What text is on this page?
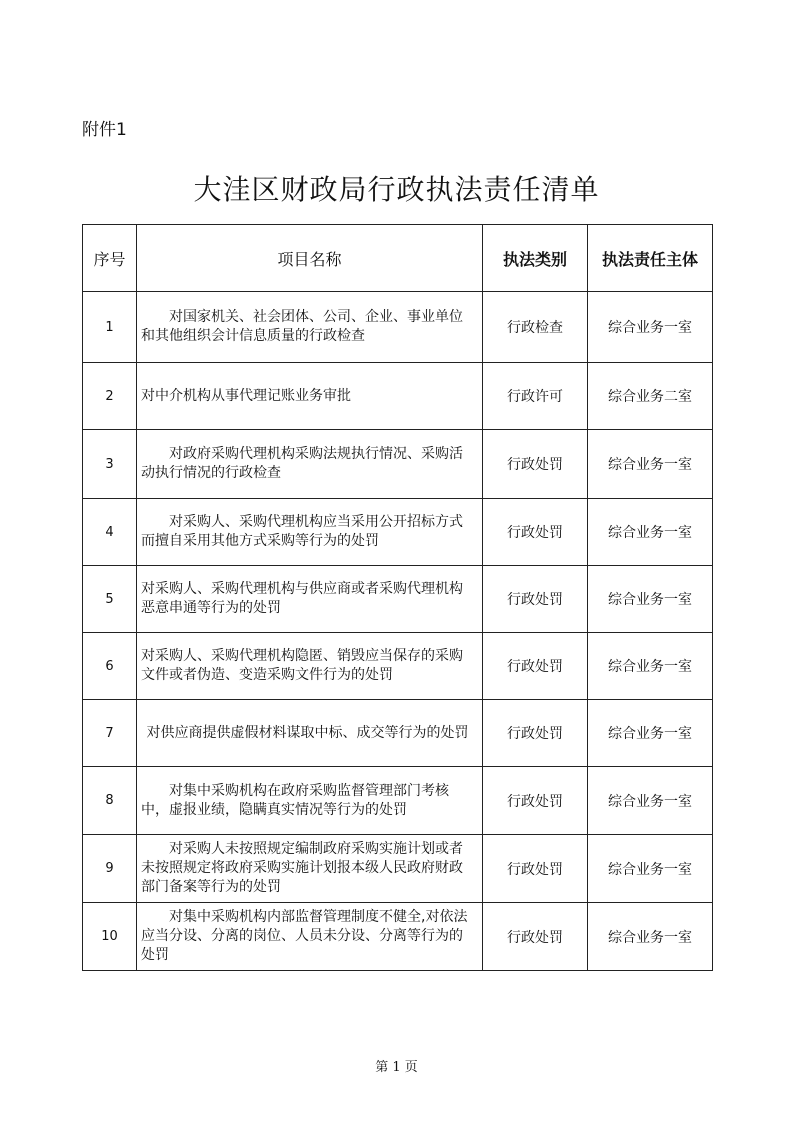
附件1
大洼区财政局行政执法责任清单
序号	项目名称	执法类别	执法责任主体
1	对国家机关、社会团体、公司、企业、事业单位和其他组织会计信息质量的行政检查	行政检查	综合业务一室
2	对中介机构从事代理记账业务审批	行政许可	综合业务二室
3	对政府采购代理机构采购法规执行情况、采购活动执行情况的行政检查	行政处罚	综合业务一室
4	对采购人、采购代理机构应当采用公开招标方式而擅自采用其他方式采购等行为的处罚	行政处罚	综合业务一室
5	对采购人、采购代理机构与供应商或者采购代理机构恶意串通等行为的处罚	行政处罚	综合业务一室
6	对采购人、采购代理机构隐匿、销毁应当保存的采购文件或者伪造、变造采购文件行为的处罚	行政处罚	综合业务一室
7	对供应商提供虚假材料谋取中标、成交等行为的处罚	行政处罚	综合业务一室
8	对集中采购机构在政府采购监督管理部门考核中，虚报业绩，隐瞒真实情况等行为的处罚	行政处罚	综合业务一室
9	对采购人未按照规定编制政府采购实施计划或者未按照规定将政府采购实施计划报本级人民政府财政部门备案等行为的处罚	行政处罚	综合业务一室
10	对集中采购机构内部监督管理制度不健全,对依法应当分设、分离的岗位、人员未分设、分离等行为的处罚	行政处罚	综合业务一室
第 1 页
